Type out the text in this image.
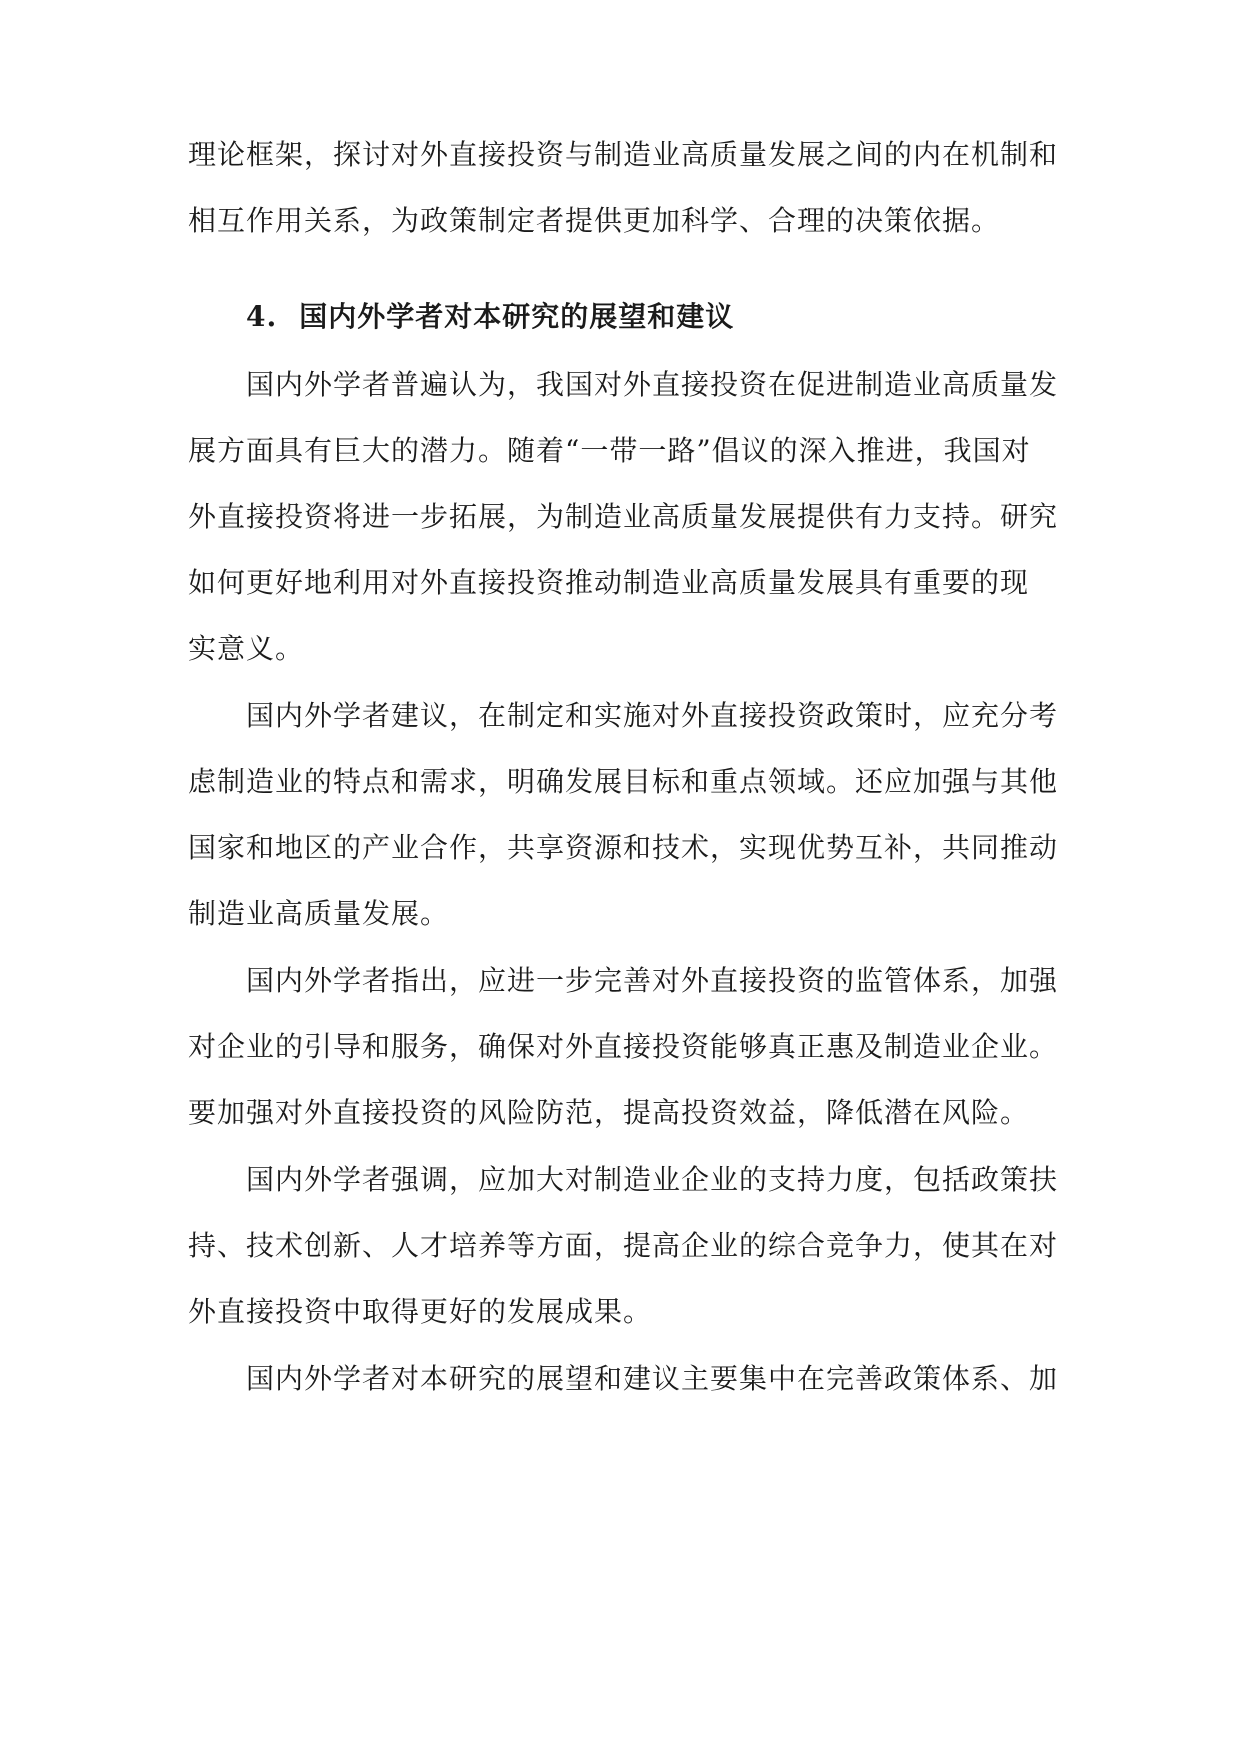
理论框架，探讨对外直接投资与制造业高质量发展之间的内在机制和
相互作用关系，为政策制定者提供更加科学、合理的决策依据。
4. 国内外学者对本研究的展望和建议
国内外学者普遍认为，我国对外直接投资在促进制造业高质量发
展方面具有巨大的潜力。随着“一带一路”倡议的深入推进，我国对
外直接投资将进一步拓展，为制造业高质量发展提供有力支持。研究
如何更好地利用对外直接投资推动制造业高质量发展具有重要的现
实意义。
国内外学者建议，在制定和实施对外直接投资政策时，应充分考
虑制造业的特点和需求，明确发展目标和重点领域。还应加强与其他
国家和地区的产业合作，共享资源和技术，实现优势互补，共同推动
制造业高质量发展。
国内外学者指出，应进一步完善对外直接投资的监管体系，加强
对企业的引导和服务，确保对外直接投资能够真正惠及制造业企业。
要加强对外直接投资的风险防范，提高投资效益，降低潜在风险。
国内外学者强调，应加大对制造业企业的支持力度，包括政策扶
持、技术创新、人才培养等方面，提高企业的综合竞争力，使其在对
外直接投资中取得更好的发展成果。
国内外学者对本研究的展望和建议主要集中在完善政策体系、加
